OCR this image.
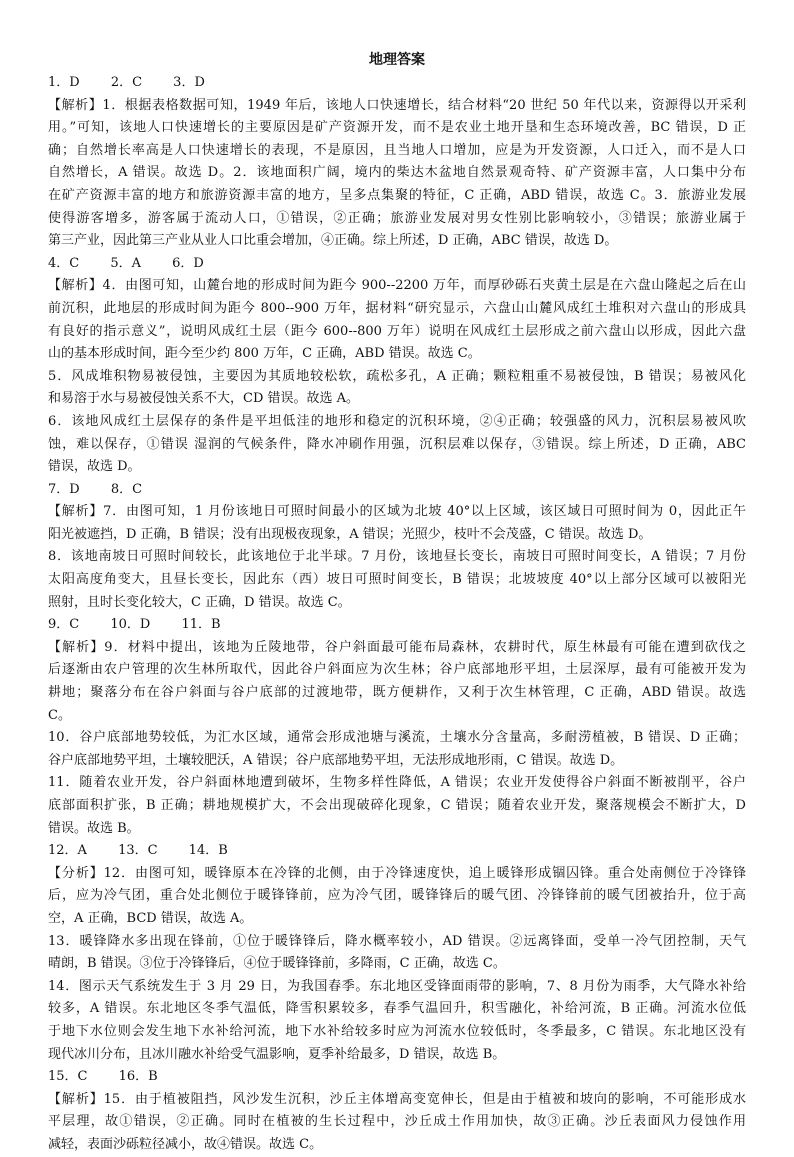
地理答案

1．D　 2．C　 3．D

【解析】1．根据表格数据可知，1949 年后，该地人口快速增长，结合材料“20 世纪 50 年代以来，资源得以开采利

用。”可知，该地人口快速增长的主要原因是矿产资源开发，而不是农业土地开垦和生态环境改善，BC 错误，D 正

确；自然增长率高是人口快速增长的表现，不是原因，且当地人口增加，应是为开发资源，人口迁入，而不是人口

自然增长，A 错误。故选 D。2．该地面积广阔，境内的柴达木盆地自然景观奇特、矿产资源丰富，人口集中分布

在矿产资源丰富的地方和旅游资源丰富的地方，呈多点集聚的特征，C 正确，ABD 错误，故选 C。3．旅游业发展

使得游客增多，游客属于流动人口，①错误，②正确；旅游业发展对男女性别比影响较小，③错误；旅游业属于

第三产业，因此第三产业从业人口比重会增加，④正确。综上所述，D 正确，ABC 错误，故选 D。

4．C　 5．A　 6．D

【解析】4．由图可知，山麓台地的形成时间为距今 900--2200 万年，而厚砂砾石夹黄土层是在六盘山隆起之后在山

前沉积，此地层的形成时间为距今 800--900 万年，据材料“研究显示，六盘山山麓风成红土堆积对六盘山的形成具

有良好的指示意义”，说明风成红土层（距今 600--800 万年）说明在风成红土层形成之前六盘山以形成，因此六盘

山的基本形成时间，距今至少约 800 万年，C 正确，ABD 错误。故选 C。

5．风成堆积物易被侵蚀，主要因为其质地较松软，疏松多孔，A 正确；颗粒粗重不易被侵蚀，B 错误；易被风化

和易溶于水与易被侵蚀关系不大，CD 错误。故选 A。

6．该地风成红土层保存的条件是平坦低洼的地形和稳定的沉积环境，②④正确；较强盛的风力，沉积层易被风吹

蚀，难以保存，①错误 湿润的气候条件，降水冲刷作用强，沉积层难以保存，③错误。综上所述，D 正确，ABC

错误，故选 D。

7．D　 8．C

【解析】7．由图可知，1 月份该地日可照时间最小的区域为北坡 40°以上区域，该区域日可照时间为 0，因此正午

阳光被遮挡，D 正确，B 错误；没有出现极夜现象，A 错误；光照少，枝叶不会茂盛，C 错误。故选 D。

8．该地南坡日可照时间较长，此该地位于北半球。7 月份，该地昼长变长，南坡日可照时间变长，A 错误；7 月份

太阳高度角变大，且昼长变长，因此东（西）坡日可照时间变长，B 错误；北坡坡度 40°以上部分区域可以被阳光

照射，且时长变化较大，C 正确，D 错误。故选 C。

9．C　 10．D　 11．B

【解析】9．材料中提出，该地为丘陵地带，谷户斜面最可能布局森林，农耕时代，原生林最有可能在遭到砍伐之

后逐渐由农户管理的次生林所取代，因此谷户斜面应为次生林；谷户底部地形平坦，土层深厚，最有可能被开发为

耕地；聚落分布在谷户斜面与谷户底部的过渡地带，既方便耕作，又利于次生林管理，C 正确，ABD 错误。故选

C。

10．谷户底部地势较低，为汇水区域，通常会形成池塘与溪流，土壤水分含量高，多耐涝植被，B 错误、D 正确；

谷户底部地势平坦，土壤较肥沃，A 错误；谷户底部地势平坦，无法形成地形雨，C 错误。故选 D。

11．随着农业开发，谷户斜面林地遭到破坏，生物多样性降低，A 错误；农业开发使得谷户斜面不断被削平，谷户

底部面积扩张，B 正确；耕地规模扩大，不会出现破碎化现象，C 错误；随着农业开发，聚落规模会不断扩大，D

错误。故选 B。

12．A　 13．C　 14．B

【分析】12．由图可知，暖锋原本在冷锋的北侧，由于冷锋速度快，追上暖锋形成锢囚锋。重合处南侧位于冷锋锋

后，应为冷气团，重合处北侧位于暖锋锋前，应为冷气团，暖锋锋后的暖气团、冷锋锋前的暖气团被抬升，位于高

空，A 正确，BCD 错误，故选 A。

13．暖锋降水多出现在锋前，①位于暖锋锋后，降水概率较小，AD 错误。②远离锋面，受单一冷气团控制，天气

晴朗，B 错误。③位于冷锋锋后，④位于暖锋锋前，多降雨，C 正确，故选 C。

14．图示天气系统发生于 3 月 29 日，为我国春季。东北地区受锋面雨带的影响，7、8 月份为雨季，大气降水补给

较多，A 错误。东北地区冬季气温低，降雪积累较多，春季气温回升，积雪融化，补给河流，B 正确。河流水位低

于地下水位则会发生地下水补给河流，地下水补给较多时应为河流水位较低时，冬季最多，C 错误。东北地区没有

现代冰川分布，且冰川融水补给受气温影响，夏季补给最多，D 错误，故选 B。

15．C　 16．B

【解析】15．由于植被阻挡，风沙发生沉积，沙丘主体增高变宽伸长，但是由于植被和坡向的影响，不可能形成水

平层理，故①错误，②正确。同时在植被的生长过程中，沙丘成土作用加快，故③正确。沙丘表面风力侵蚀作用

减轻，表面沙砾粒径减小，故④错误。故选 C。
